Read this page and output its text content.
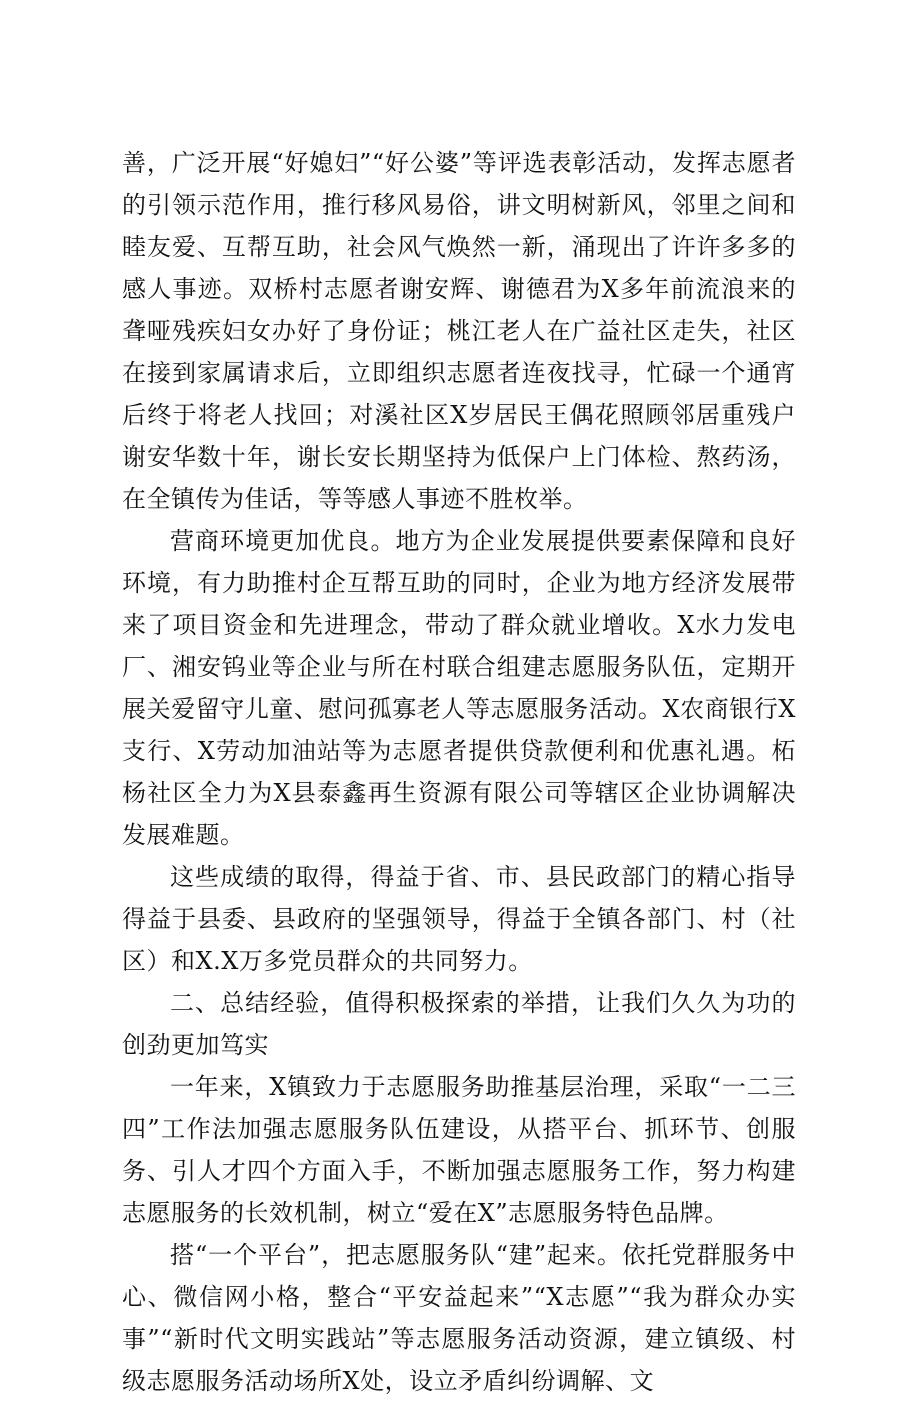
善，广泛开展“好媳妇”“好公婆”等评选表彰活动，发挥志愿者的引领示范作用，推行移风易俗，讲文明树新风，邻里之间和睦友爱、互帮互助，社会风气焕然一新，涌现出了许许多多的感人事迹。双桥村志愿者谢安辉、谢德君为X多年前流浪来的聋哑残疾妇女办好了身份证；桃江老人在广益社区走失，社区在接到家属请求后，立即组织志愿者连夜找寻，忙碌一个通宵后终于将老人找回；对溪社区X岁居民王偶花照顾邻居重残户谢安华数十年，谢长安长期坚持为低保户上门体检、熬药汤，在全镇传为佳话，等等感人事迹不胜枚举。

营商环境更加优良。地方为企业发展提供要素保障和良好环境，有力助推村企互帮互助的同时，企业为地方经济发展带来了项目资金和先进理念，带动了群众就业增收。X水力发电厂、湘安钨业等企业与所在村联合组建志愿服务队伍，定期开展关爱留守儿童、慰问孤寡老人等志愿服务活动。X农商银行X支行、X劳动加油站等为志愿者提供贷款便利和优惠礼遇。柘杨社区全力为X县泰鑫再生资源有限公司等辖区企业协调解决发展难题。

这些成绩的取得，得益于省、市、县民政部门的精心指导得益于县委、县政府的坚强领导，得益于全镇各部门、村（社区）和X.X万多党员群众的共同努力。

二、总结经验，值得积极探索的举措，让我们久久为功的创劲更加笃实

一年来，X镇致力于志愿服务助推基层治理，采取“一二三四”工作法加强志愿服务队伍建设，从搭平台、抓环节、创服务、引人才四个方面入手，不断加强志愿服务工作，努力构建志愿服务的长效机制，树立“爱在X”志愿服务特色品牌。

搭“一个平台”，把志愿服务队“建”起来。依托党群服务中心、微信网小格，整合“平安益起来”“X志愿”“我为群众办实事”“新时代文明实践站”等志愿服务活动资源，建立镇级、村级志愿服务活动场所X处，设立矛盾纠纷调解、文
